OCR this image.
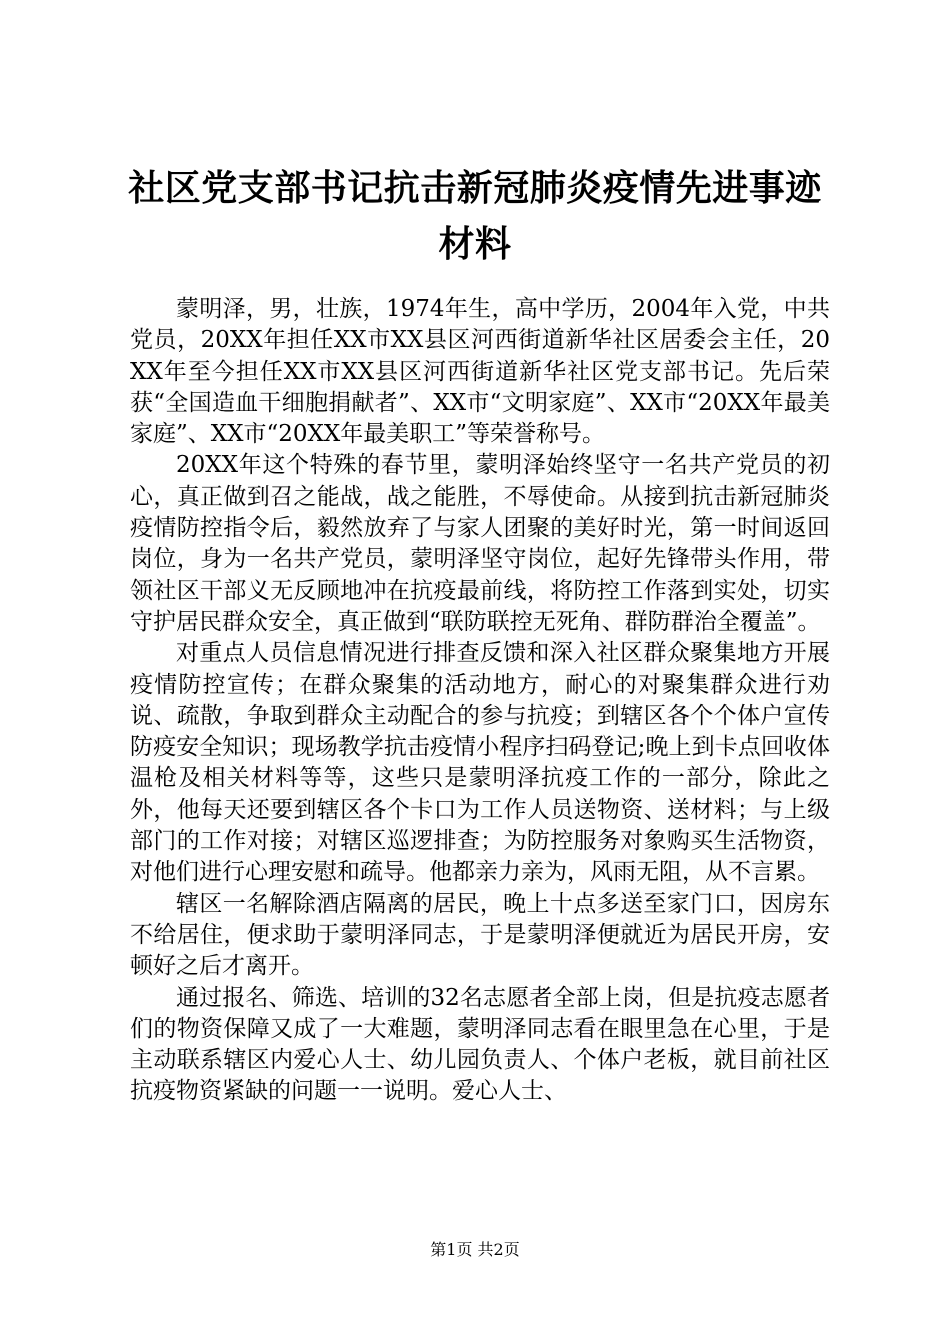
社区党支部书记抗击新冠肺炎疫情先进事迹材料

蒙明泽，男，壮族，1974年生，高中学历，2004年入党，中共党员，20XX年担任XX市XX县区河西街道新华社区居委会主任，20XX年至今担任XX市XX县区河西街道新华社区党支部书记。先后荣获“全国造血干细胞捐献者”、XX市“文明家庭”、XX市“20XX年最美家庭”、XX市“20XX年最美职工”等荣誉称号。

20XX年这个特殊的春节里，蒙明泽始终坚守一名共产党员的初心，真正做到召之能战，战之能胜，不辱使命。从接到抗击新冠肺炎疫情防控指令后，毅然放弃了与家人团聚的美好时光，第一时间返回岗位，身为一名共产党员，蒙明泽坚守岗位，起好先锋带头作用，带领社区干部义无反顾地冲在抗疫最前线，将防控工作落到实处，切实守护居民群众安全，真正做到“联防联控无死角、群防群治全覆盖”。

对重点人员信息情况进行排查反馈和深入社区群众聚集地方开展疫情防控宣传；在群众聚集的活动地方，耐心的对聚集群众进行劝说、疏散，争取到群众主动配合的参与抗疫；到辖区各个个体户宣传防疫安全知识；现场教学抗击疫情小程序扫码登记;晚上到卡点回收体温枪及相关材料等等，这些只是蒙明泽抗疫工作的一部分，除此之外，他每天还要到辖区各个卡口为工作人员送物资、送材料；与上级部门的工作对接；对辖区巡逻排查；为防控服务对象购买生活物资，对他们进行心理安慰和疏导。他都亲力亲为，风雨无阻，从不言累。

辖区一名解除酒店隔离的居民，晚上十点多送至家门口，因房东不给居住，便求助于蒙明泽同志，于是蒙明泽便就近为居民开房，安顿好之后才离开。

通过报名、筛选、培训的32名志愿者全部上岗，但是抗疫志愿者们的物资保障又成了一大难题，蒙明泽同志看在眼里急在心里，于是主动联系辖区内爱心人士、幼儿园负责人、个体户老板，就目前社区抗疫物资紧缺的问题一一说明。爱心人士、

第1页 共2页
